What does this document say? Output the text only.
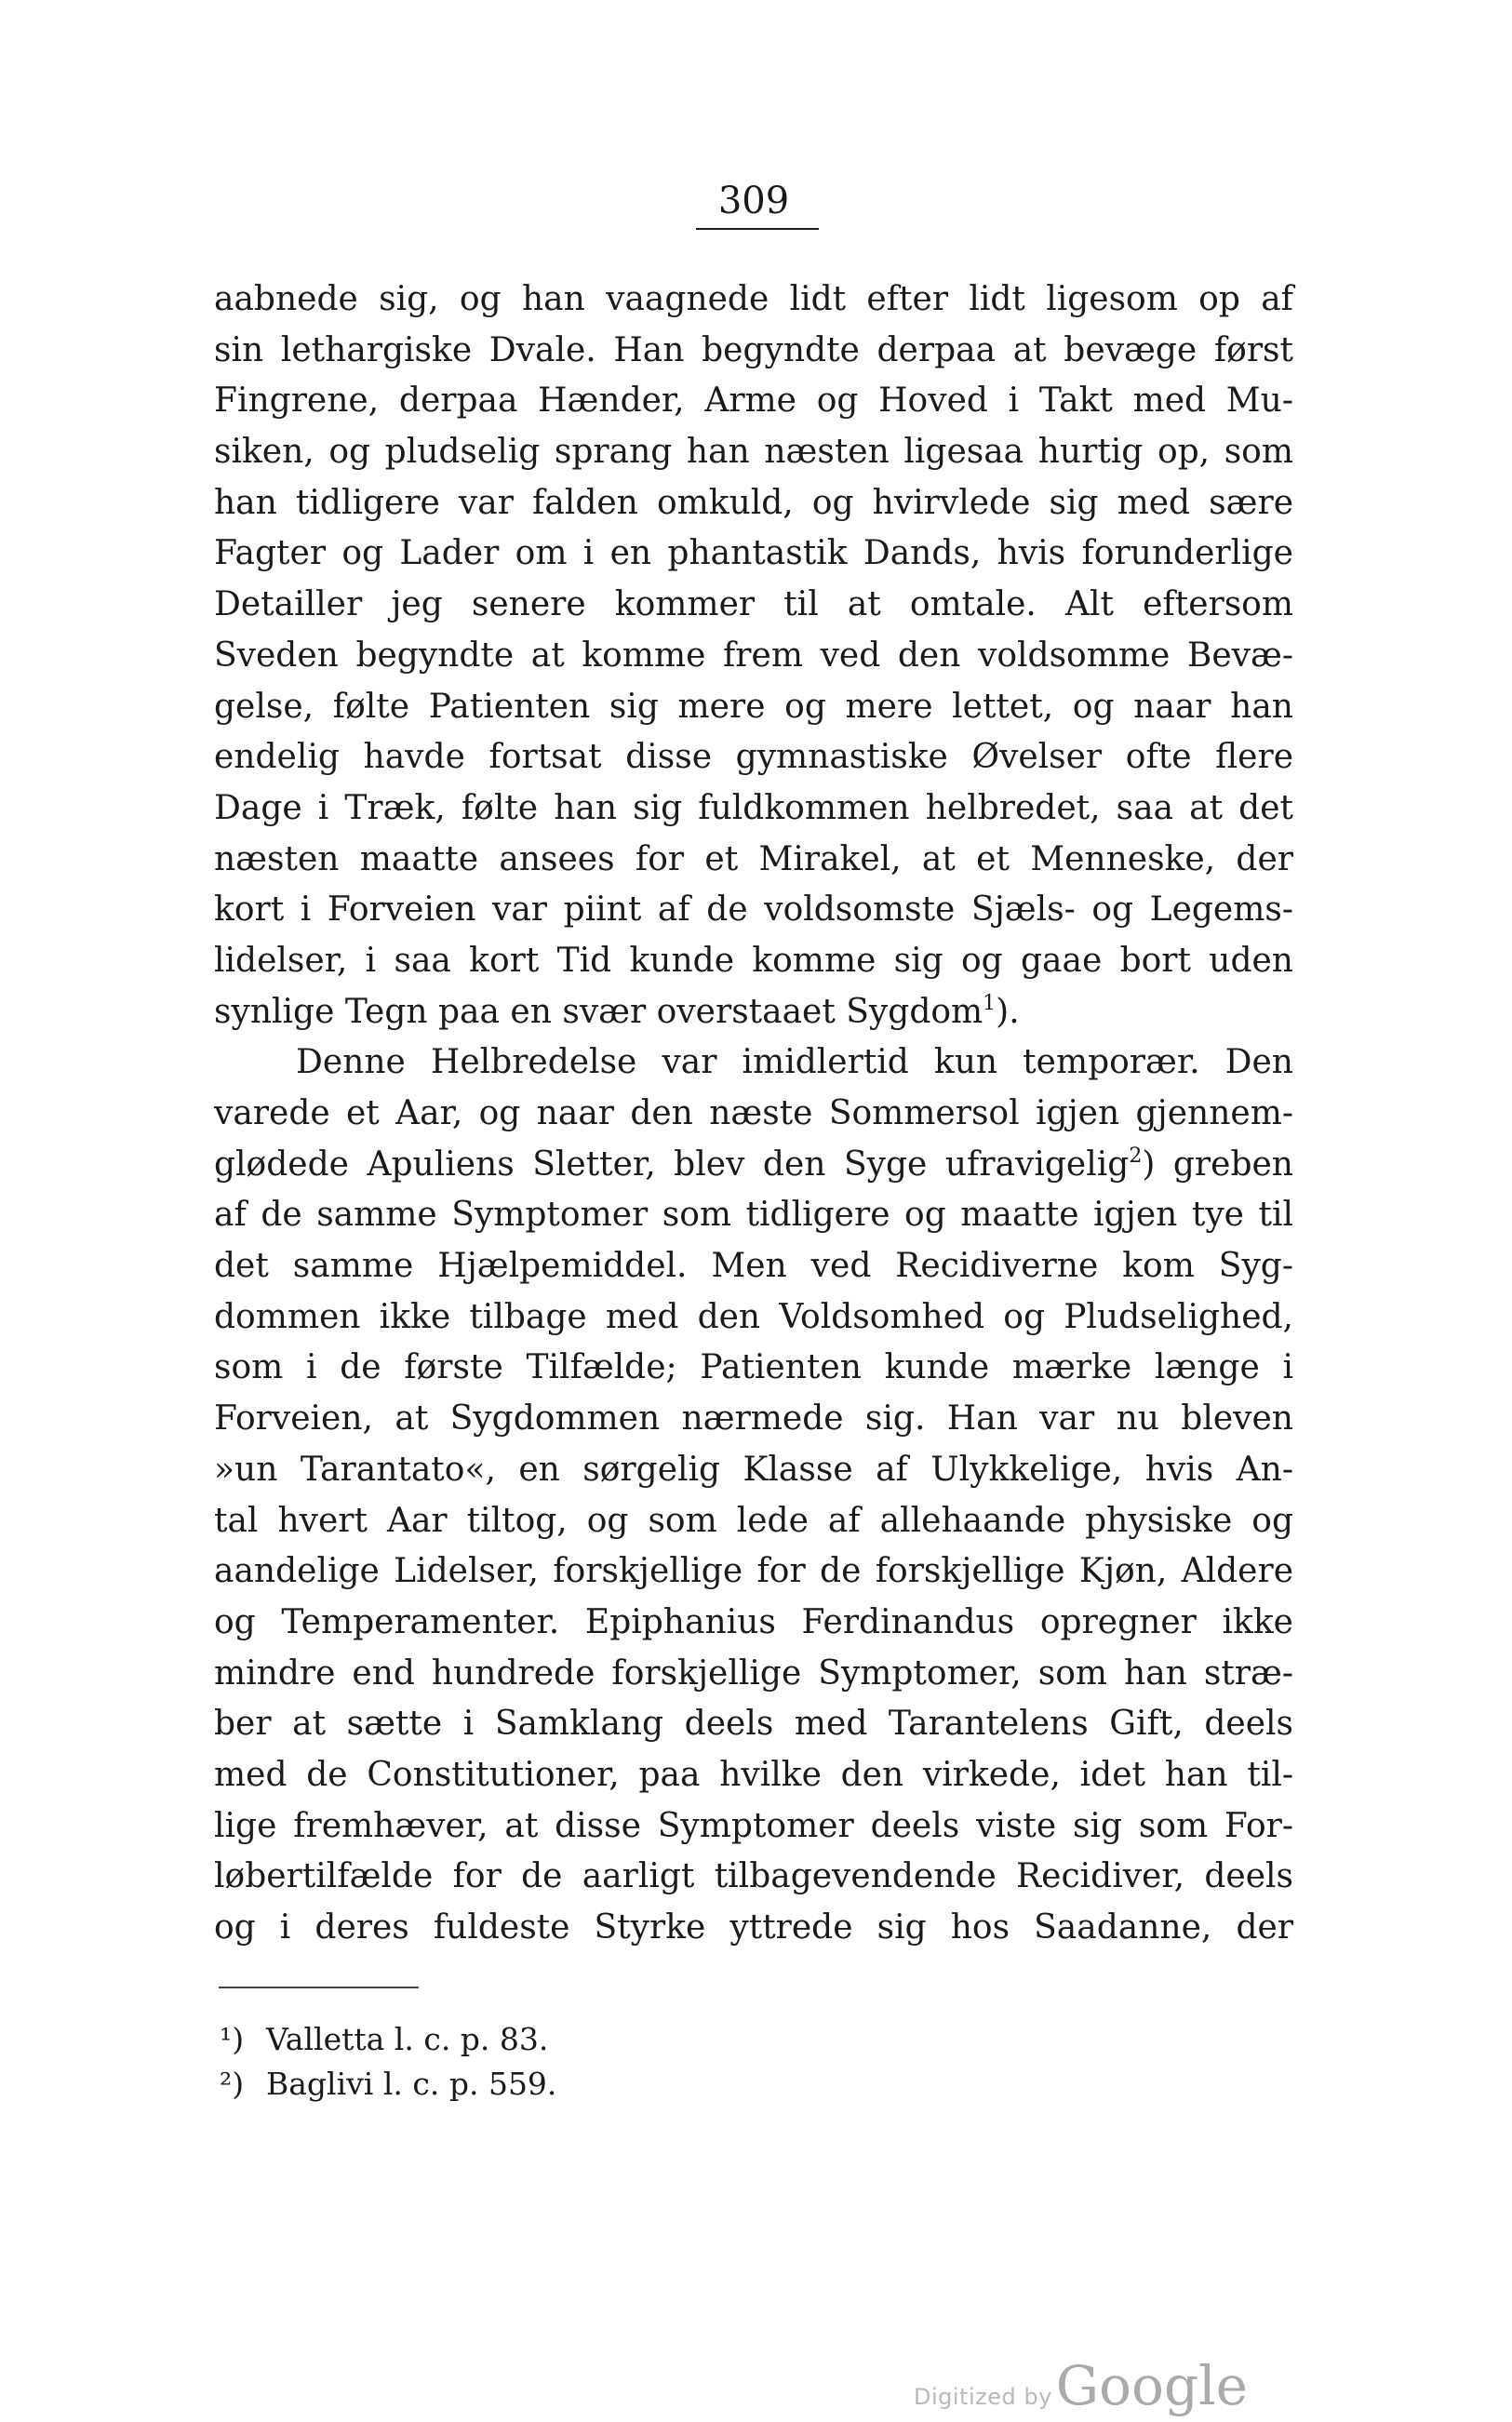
309
aabnede sig, og han vaagnede lidt efter lidt ligesom op af
sin lethargiske Dvale. Han begyndte derpaa at bevæge først
Fingrene, derpaa Hænder, Arme og Hoved i Takt med Mu-
siken, og pludselig sprang han næsten ligesaa hurtig op, som
han tidligere var falden omkuld, og hvirvlede sig med sære
Fagter og Lader om i en phantastik Dands, hvis forunderlige
Detailler jeg senere kommer til at omtale. Alt eftersom
Sveden begyndte at komme frem ved den voldsomme Bevæ-
gelse, følte Patienten sig mere og mere lettet, og naar han
endelig havde fortsat disse gymnastiske Øvelser ofte flere
Dage i Træk, følte han sig fuldkommen helbredet, saa at det
næsten maatte ansees for et Mirakel, at et Menneske, der
kort i Forveien var piint af de voldsomste Sjæls- og Legems-
lidelser, i saa kort Tid kunde komme sig og gaae bort uden
synlige Tegn paa en svær overstaaet Sygdom$^1$).
Denne Helbredelse var imidlertid kun temporær. Den
varede et Aar, og naar den næste Sommersol igjen gjennem-
glødede Apuliens Sletter, blev den Syge ufravigelig$^2$) greben
af de samme Symptomer som tidligere og maatte igjen tye til
det samme Hjælpemiddel. Men ved Recidiverne kom Syg-
dommen ikke tilbage med den Voldsomhed og Pludselighed,
som i de første Tilfælde; Patienten kunde mærke længe i
Forveien, at Sygdommen nærmede sig. Han var nu bleven
»un Tarantato«, en sørgelig Klasse af Ulykkelige, hvis An-
tal hvert Aar tiltog, og som lede af allehaande physiske og
aandelige Lidelser, forskjellige for de forskjellige Kjøn, Aldere
og Temperamenter. Epiphanius Ferdinandus opregner ikke
mindre end hundrede forskjellige Symptomer, som han stræ-
ber at sætte i Samklang deels med Tarantelens Gift, deels
med de Constitutioner, paa hvilke den virkede, idet han til-
lige fremhæver, at disse Symptomer deels viste sig som For-
løbertilfælde for de aarligt tilbagevendende Recidiver, deels
og i deres fuldeste Styrke yttrede sig hos Saadanne, der
¹) Valletta l. c. p. 83.
²) Baglivi l. c. p. 559.
Digitized byGoogle
